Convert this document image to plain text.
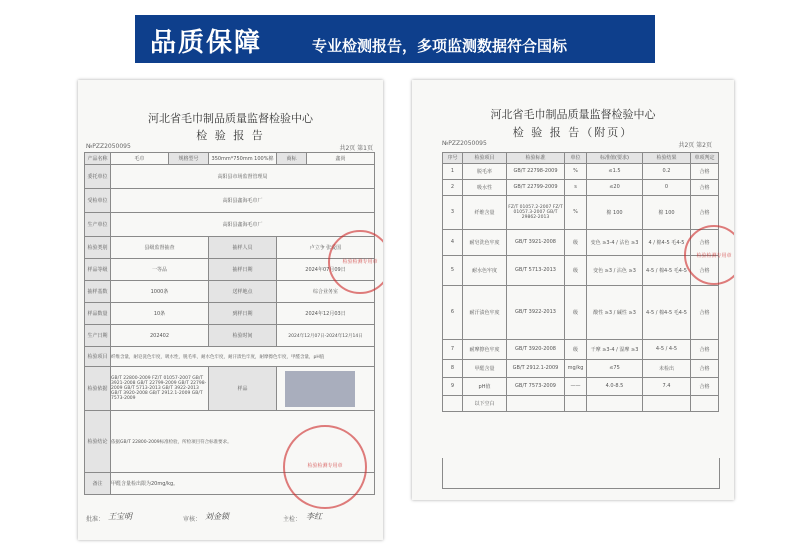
品质保障	专业检测报告，多项监测数据符合国标
河北省毛巾制品质量监督检验中心
检 验 报 告
№PZZ2050095	共2页 第1页
产品名称	毛巾	规格型号	350mm*750mm 100%棉	商标	鑫尚
委托单位	高阳县市场监督管理局				
受检单位	高阳县鑫海毛巾厂				
生产单位	高阳县鑫海毛巾厂				
检验类别	县级监督抽查		抽样人员	卢立争 张爱国	
样品等级	一等品		抽样日期	2024年07月09日	
抽样基数	1000条		送样地点	综合业务室	
样品数量	10条		到样日期	2024年12月03日	
生产日期	202402		检验时间	2024年12月07日-2024年12月14日	
检验项目	纤维含量，耐皂洗色牢度，吸水性，脱毛率，耐水色牢度，耐汗渍色牢度，耐摩擦色牢度，甲醛含量，pH值				
检验依据	GB/T 22800-2009 FZ/T 01057-2007 GB/T 3921-2008 GB/T 22799-2009 GB/T 22798-2009 GB/T 5713-2013 GB/T 3922-2013 GB/T 3920-2008 GB/T 2912.1-2009 GB/T 7573-2009		样品		

检验结论	依据GB/T 22800-2009标准检验，所检项目符合标准要求。				
备注	甲醛含量检出限为20mg/kg。				
批准： 王宝明	审核： 刘金锁	主检： 李红
检验检测专用章
检验检测专用章
河北省毛巾制品质量监督检验中心
检 验 报 告（附页）
№PZZ2050095	共2页 第2页
序号	检验项目	检验标准	单位	标准值(要求)	检验结果	单项判定
1	脱毛率	GB/T 22798-2009	%	≤1.5	0.2	合格
2	吸水性	GB/T 22799-2009	s	≤20	0	合格
3	纤维含量	FZ/T 01057.2-2007 FZ/T 01057.3-2007 GB/T 29862-2013	%	棉 100	棉 100	合格
4	耐皂洗色牢度	GB/T 3921-2008	级	变色 ≥3-4 / 沾色 ≥3	4 / 棉4-5 毛4-5	合格
5	耐水色牢度	GB/T 5713-2013	级	变色 ≥3 / 沾色 ≥3	4-5 / 棉4-5 毛4-5	合格
6	耐汗渍色牢度	GB/T 3922-2013	级	酸性 ≥3 / 碱性 ≥3	4-5 / 棉4-5 毛4-5	合格
7	耐摩擦色牢度	GB/T 3920-2008	级	干摩 ≥3-4 / 湿摩 ≥3	4-5 / 4-5	合格
8	甲醛含量	GB/T 2912.1-2009	mg/kg	≤75	未检出	合格
9	pH值	GB/T 7573-2009	——	4.0-8.5	7.4	合格
	以下空白					
检验检测专用章
